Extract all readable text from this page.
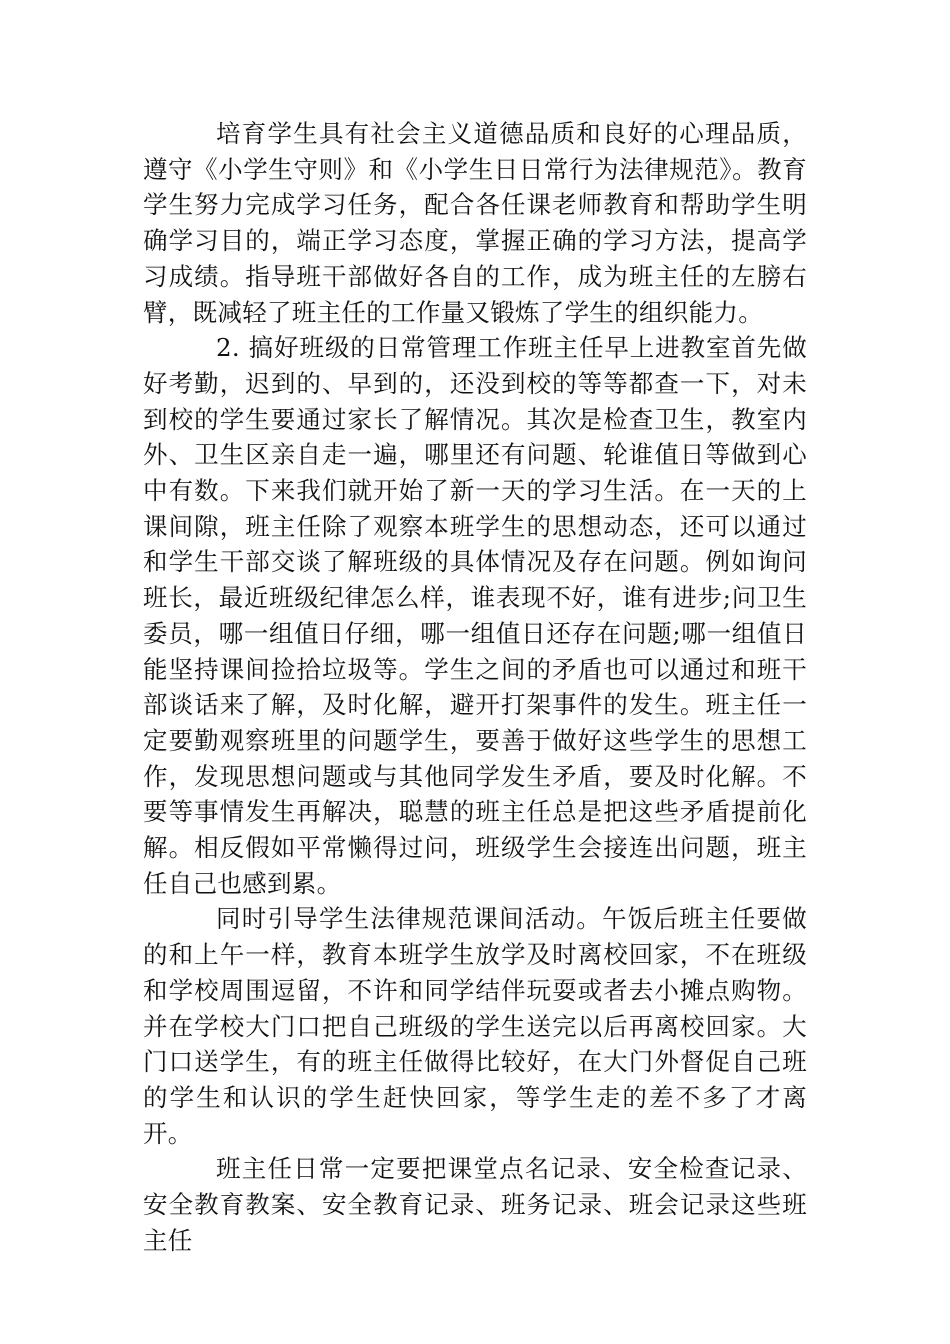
培育学生具有社会主义道德品质和良好的心理品质，遵守《小学生守则》和《小学生日日常行为法律规范》。教育学生努力完成学习任务，配合各任课老师教育和帮助学生明确学习目的，端正学习态度，掌握正确的学习方法，提高学习成绩。指导班干部做好各自的工作，成为班主任的左膀右臂，既减轻了班主任的工作量又锻炼了学生的组织能力。

2. 搞好班级的日常管理工作班主任早上进教室首先做好考勤，迟到的、早到的，还没到校的等等都查一下，对未到校的学生要通过家长了解情况。其次是检查卫生，教室内外、卫生区亲自走一遍，哪里还有问题、轮谁值日等做到心中有数。下来我们就开始了新一天的学习生活。在一天的上课间隙，班主任除了观察本班学生的思想动态，还可以通过和学生干部交谈了解班级的具体情况及存在问题。例如询问班长，最近班级纪律怎么样，谁表现不好，谁有进步;问卫生委员，哪一组值日仔细，哪一组值日还存在问题;哪一组值日能坚持课间捡拾垃圾等。学生之间的矛盾也可以通过和班干部谈话来了解，及时化解，避开打架事件的发生。班主任一定要勤观察班里的问题学生，要善于做好这些学生的思想工作，发现思想问题或与其他同学发生矛盾，要及时化解。不要等事情发生再解决，聪慧的班主任总是把这些矛盾提前化解。相反假如平常懒得过问，班级学生会接连出问题，班主任自己也感到累。

同时引导学生法律规范课间活动。午饭后班主任要做的和上午一样，教育本班学生放学及时离校回家，不在班级和学校周围逗留，不许和同学结伴玩耍或者去小摊点购物。并在学校大门口把自己班级的学生送完以后再离校回家。大门口送学生，有的班主任做得比较好，在大门外督促自己班的学生和认识的学生赶快回家，等学生走的差不多了才离开。

班主任日常一定要把课堂点名记录、安全检查记录、安全教育教案、安全教育记录、班务记录、班会记录这些班主任
